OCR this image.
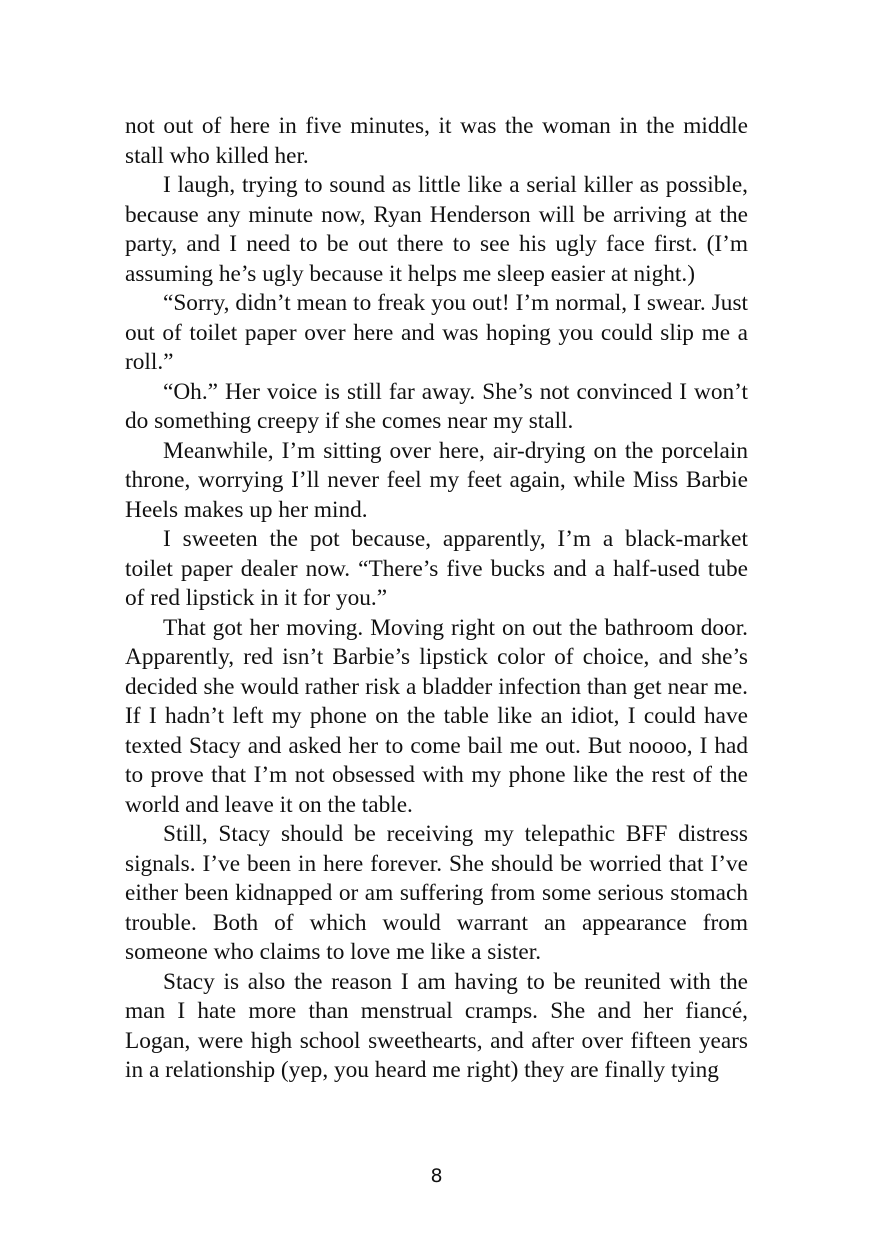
not out of here in five minutes, it was the woman in the middle stall who killed her.

I laugh, trying to sound as little like a serial killer as possible, because any minute now, Ryan Henderson will be arriving at the party, and I need to be out there to see his ugly face first. (I’m assuming he’s ugly because it helps me sleep easier at night.)

“Sorry, didn’t mean to freak you out! I’m normal, I swear. Just out of toilet paper over here and was hoping you could slip me a roll.”

“Oh.” Her voice is still far away. She’s not convinced I won’t do something creepy if she comes near my stall.

Meanwhile, I’m sitting over here, air-drying on the porcelain throne, worrying I’ll never feel my feet again, while Miss Barbie Heels makes up her mind.

I sweeten the pot because, apparently, I’m a black-market toilet paper dealer now. “There’s five bucks and a half-used tube of red lipstick in it for you.”

That got her moving. Moving right on out the bathroom door. Apparently, red isn’t Barbie’s lipstick color of choice, and she’s decided she would rather risk a bladder infection than get near me. If I hadn’t left my phone on the table like an idiot, I could have texted Stacy and asked her to come bail me out. But noooo, I had to prove that I’m not obsessed with my phone like the rest of the world and leave it on the table.

Still, Stacy should be receiving my telepathic BFF distress signals. I’ve been in here forever. She should be worried that I’ve either been kidnapped or am suffering from some serious stomach trouble. Both of which would warrant an appearance from someone who claims to love me like a sister.

Stacy is also the reason I am having to be reunited with the man I hate more than menstrual cramps. She and her fiancé, Logan, were high school sweethearts, and after over fifteen years in a relationship (yep, you heard me right) they are finally tying

8
